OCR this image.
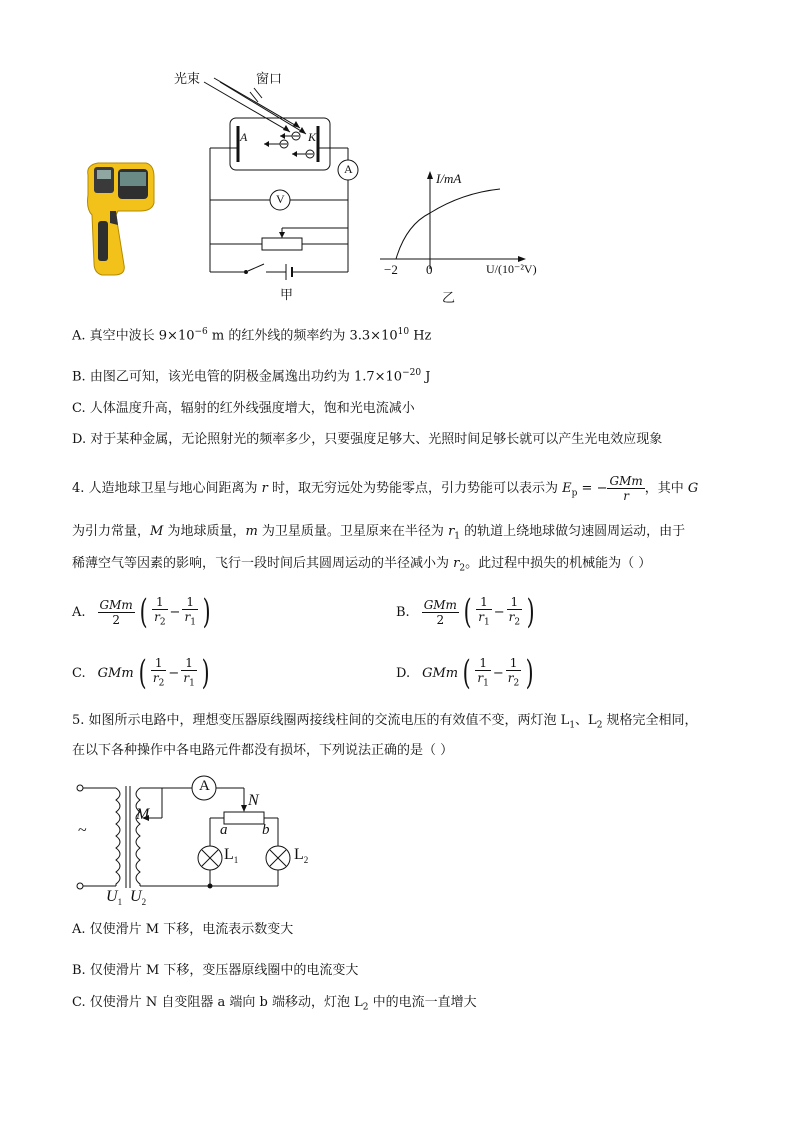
光束	窗口
A	K
A
V
甲
I/mA
−2 0	U/(10⁻²V)
乙
A. 真空中波长 $9\times 10^{-6}$ m 的红外线的频率约为 $3.3\times 10^{10}$ Hz
B. 由图乙可知，该光电管的阴极金属逸出功约为 $1.7\times 10^{-20}$ J
C. 人体温度升高，辐射的红外线强度增大，饱和光电流减小
D. 对于某种金属，无论照射光的频率多少，只要强度足够大、光照时间足够长就可以产生光电效应现象
4. 人造地球卫星与地心间距离为 r 时，取无穷远处为势能零点，引力势能可以表示为 $E_p$ = − $\frac{\text{GMm}}{r}$ ，其中 G
为引力常量，M 为地球质量，m 为卫星质量。卫星原来在半径为 $r_1$ 的轨道上绕地球做匀速圆周运动，由于
稀薄空气等因素的影响，飞行一段时间后其圆周运动的半径减小为 $r_2$。此过程中损失的机械能为（ ）
A. $\frac{\text{GMm}}{2}$ ( $\frac{1}{r_2} - \frac{1}{r_1}$ )	B. $\frac{\text{GMm}}{2}$ ( $\frac{1}{r_1} - \frac{1}{r_2}$ )
C. GMm ( $\frac{1}{r_2} - \frac{1}{r_1}$ )	D. GMm ( $\frac{1}{r_1} - \frac{1}{r_2}$ )
5. 如图所示电路中，理想变压器原线圈两接线柱间的交流电压的有效值不变，两灯泡 $L_1$、$L_2$ 规格完全相同，
在以下各种操作中各电路元件都没有损坏，下列说法正确的是（ ）
~
M
A
N
a b
$L_1$	$L_2$
$U_1$ $U_2$
A. 仅使滑片 M 下移，电流表示数变大
B. 仅使滑片 M 下移，变压器原线圈中的电流变大
C. 仅使滑片 N 自变阻器 a 端向 b 端移动，灯泡 $L_2$ 中的电流一直增大
